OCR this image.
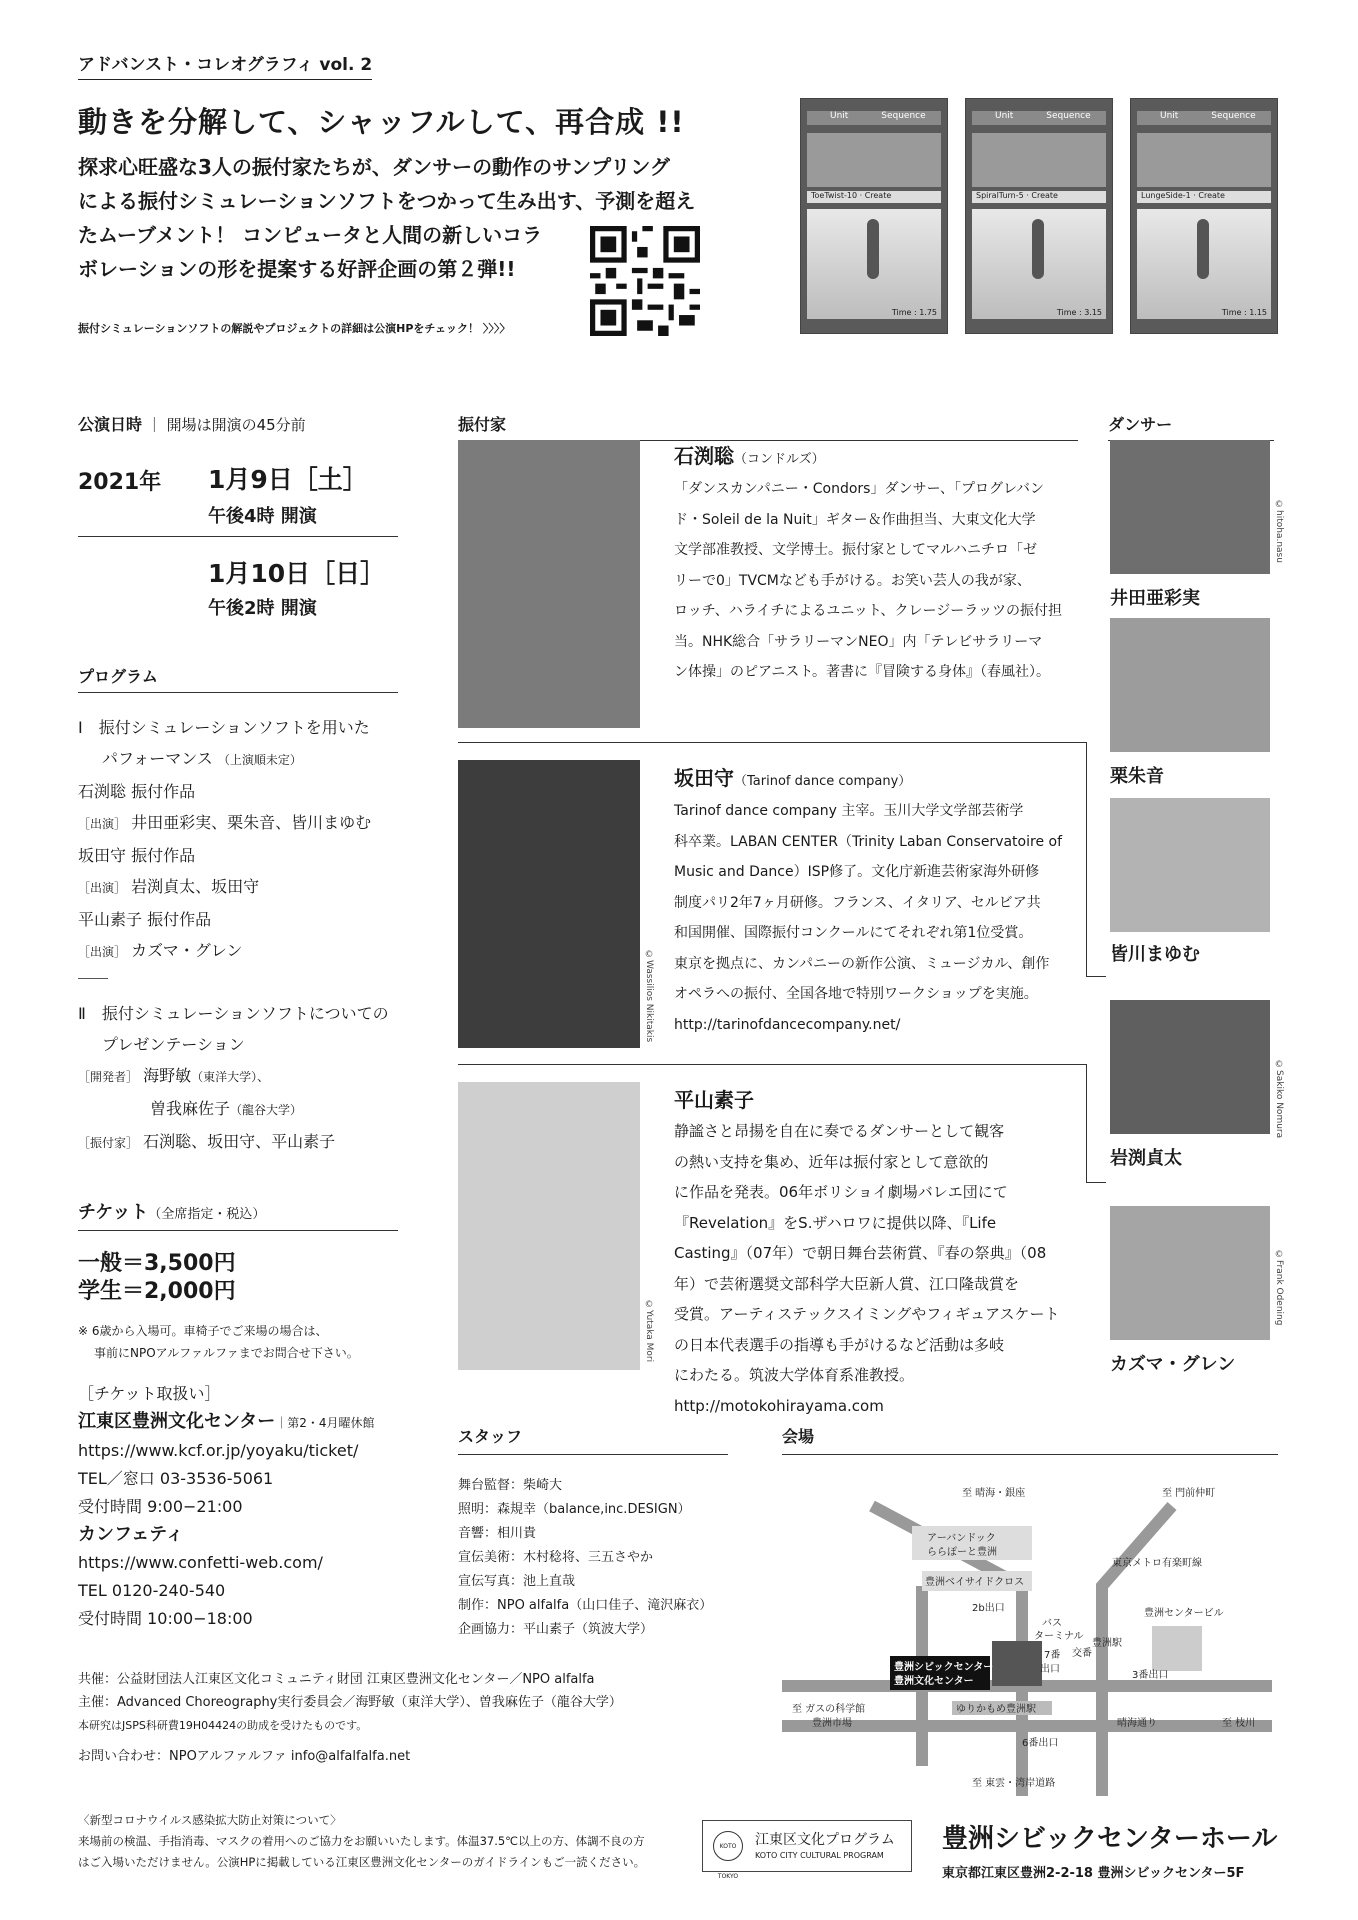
アドバンスト・コレオグラフィ vol. 2
動きを分解して、シャッフルして、再合成 !!
探求心旺盛な3人の振付家たちが、ダンサーの動作のサンプリング
による振付シミュレーションソフトをつかって生み出す、予測を超え
たムーブメント！ コンピュータと人間の新しいコラ
ボレーションの形を提案する好評企画の第２弾!!
振付シミュレーションソフトの解説やプロジェクトの詳細は公演HPをチェック！ 〉〉〉〉
Unit	Sequence
ToeTwist-10 · Create
Time : 1.75
Unit	Sequence
SpiralTurn-5 · Create
Time : 3.15
Unit	Sequence
LungeSide-1 · Create
Time : 1.15
公演日時 ｜ 開場は開演の45分前
2021年 1月9日［土］
午後4時 開演
1月10日［日］
午後2時 開演
プログラム
Ⅰ　振付シミュレーションソフトを用いた
パフォーマンス （上演順未定）
石渕聡 振付作品
［出演］ 井田亜彩実、栗朱音、皆川まゆむ
坂田守 振付作品
［出演］ 岩渕貞太、坂田守
平山素子 振付作品
［出演］ カズマ・グレン
Ⅱ　振付シミュレーションソフトについての
プレゼンテーション
［開発者］ 海野敏（東洋大学）、
曽我麻佐子（龍谷大学）
［振付家］ 石渕聡、坂田守、平山素子
チケット（全席指定・税込）
一般＝3,500円
学生＝2,000円
※ 6歳から入場可。車椅子でご来場の場合は、
事前にNPOアルファルファまでお問合せ下さい。
［チケット取扱い］
江東区豊洲文化センター｜第2・4月曜休館
https://www.kcf.or.jp/yoyaku/ticket/
TEL／窓口 03-3536-5061
受付時間 9:00−21:00
カンフェティ
https://www.confetti-web.com/
TEL 0120-240-540
受付時間 10:00−18:00
振付家
石渕聡（コンドルズ）
「ダンスカンパニー・Condors」ダンサー、「プログレバン
ド・Soleil de la Nuit」ギター＆作曲担当、大東文化大学
文学部准教授、文学博士。振付家としてマルハニチロ「ゼ
リーで0」TVCMなども手がける。お笑い芸人の我が家、
ロッチ、ハライチによるユニット、クレージーラッツの振付担
当。NHK総合「サラリーマンNEO」内「テレビサラリーマ
ン体操」のピアニスト。著書に『冒険する身体』（春風社）。
©Wassilios Nikitakis
坂田守（Tarinof dance company）
Tarinof dance company 主宰。玉川大学文学部芸術学
科卒業。LABAN CENTER（Trinity Laban Conservatoire of
Music and Dance）ISP修了。文化庁新進芸術家海外研修
制度パリ2年7ヶ月研修。フランス、イタリア、セルビア共
和国開催、国際振付コンクールにてそれぞれ第1位受賞。
東京を拠点に、カンパニーの新作公演、ミュージカル、創作
オペラへの振付、全国各地で特別ワークショップを実施。
http://tarinofdancecompany.net/
©Yutaka Mori
平山素子
静謐さと昂揚を自在に奏でるダンサーとして観客
の熱い支持を集め、近年は振付家として意欲的
に作品を発表。06年ボリショイ劇場バレエ団にて
『Revelation』をS.ザハロワに提供以降、『Life
Casting』（07年）で朝日舞台芸術賞、『春の祭典』（08
年）で芸術選奨文部科学大臣新人賞、江口隆哉賞を
受賞。アーティステックスイミングやフィギュアスケート
の日本代表選手の指導も手がけるなど活動は多岐
にわたる。筑波大学体育系准教授。
http://motokohirayama.com
ダンサー
©hitoha.nasu
井田亜彩実
栗朱音
皆川まゆむ
©Sakiko Nomura
岩渕貞太
©Frank Odening
カズマ・グレン
スタッフ
舞台監督：柴崎大
照明：森規幸（balance,inc.DESIGN）
音響：相川貴
宣伝美術：木村稔将、三五さやか
宣伝写真：池上直哉
制作：NPO alfalfa（山口佳子、滝沢麻衣）
企画協力：平山素子（筑波大学）
会場
至 晴海・銀座	至 門前仲町
アーバンドック
ららぽーと豊洲
豊洲ベイサイドクロス
2b出口
バス
ターミナル
東京メトロ有楽町線
豊洲センタービル
豊洲シビックセンター
豊洲文化センター
7番
出口
交番
豊洲駅
3番出口
ゆりかもめ豊洲駅
至 ガスの科学館
豊洲市場
6番出口
晴海通り	至 枝川
至 東雲・湾岸道路
共催：公益財団法人江東区文化コミュニティ財団 江東区豊洲文化センター／NPO alfalfa
主催：Advanced Choreography実行委員会／海野敏（東洋大学）、曽我麻佐子（龍谷大学）
本研究はJSPS科研費19H04424の助成を受けたものです。
お問い合わせ：NPOアルファルファ info@alfalfalfa.net
〈新型コロナウイルス感染拡大防止対策について〉
来場前の検温、手指消毒、マスクの着用へのご協力をお願いいたします。体温37.5℃以上の方、体調不良の方
はご入場いただけません。公演HPに掲載している江東区豊洲文化センターのガイドラインもご一読ください。
KOTO TOKYO
江東区文化プログラム
KOTO CITY CULTURAL PROGRAM
豊洲シビックセンターホール
東京都江東区豊洲2-2-18 豊洲シビックセンター5F
